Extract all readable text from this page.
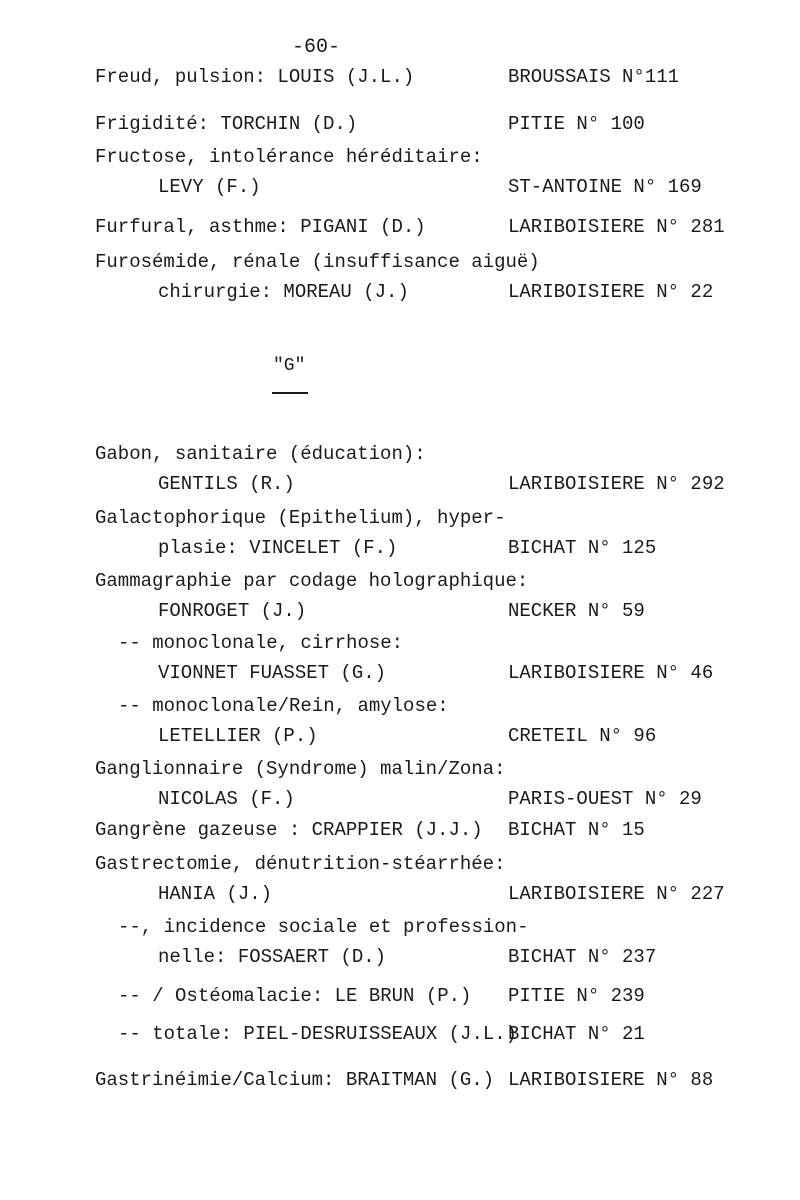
-60-
Freud, pulsion: LOUIS (J.L.)	BROUSSAIS N°111
Frigidité: TORCHIN (D.)	PITIE N° 100
Fructose, intolérance héréditaire:
LEVY (F.)	ST-ANTOINE N° 169
Furfural, asthme: PIGANI (D.)	LARIBOISIERE N° 281
Furosémide, rénale (insuffisance aiguë)
chirurgie: MOREAU (J.)	LARIBOISIERE N° 22
"G"
Gabon, sanitaire (éducation):
GENTILS (R.)	LARIBOISIERE N° 292
Galactophorique (Epithelium), hyper-
plasie: VINCELET (F.)	BICHAT N° 125
Gammagraphie par codage holographique:
FONROGET (J.)	NECKER N° 59
-- monoclonale, cirrhose:
VIONNET FUASSET (G.)	LARIBOISIERE N° 46
-- monoclonale/Rein, amylose:
LETELLIER (P.)	CRETEIL N° 96
Ganglionnaire (Syndrome) malin/Zona:
NICOLAS (F.)	PARIS-OUEST N° 29
Gangrène gazeuse : CRAPPIER (J.J.) BICHAT N° 15
Gastrectomie, dénutrition-stéarrhée:
HANIA (J.)	LARIBOISIERE N° 227
--, incidence sociale et profession-
nelle: FOSSAERT (D.)	BICHAT N° 237
-- / Ostéomalacie: LE BRUN (P.) PITIE N° 239
-- totale: PIEL-DESRUISSEAUX (J.L.)
BICHAT N° 21
Gastrinéimie/Calcium: BRAITMAN (G.) LARIBOISIERE N° 88
